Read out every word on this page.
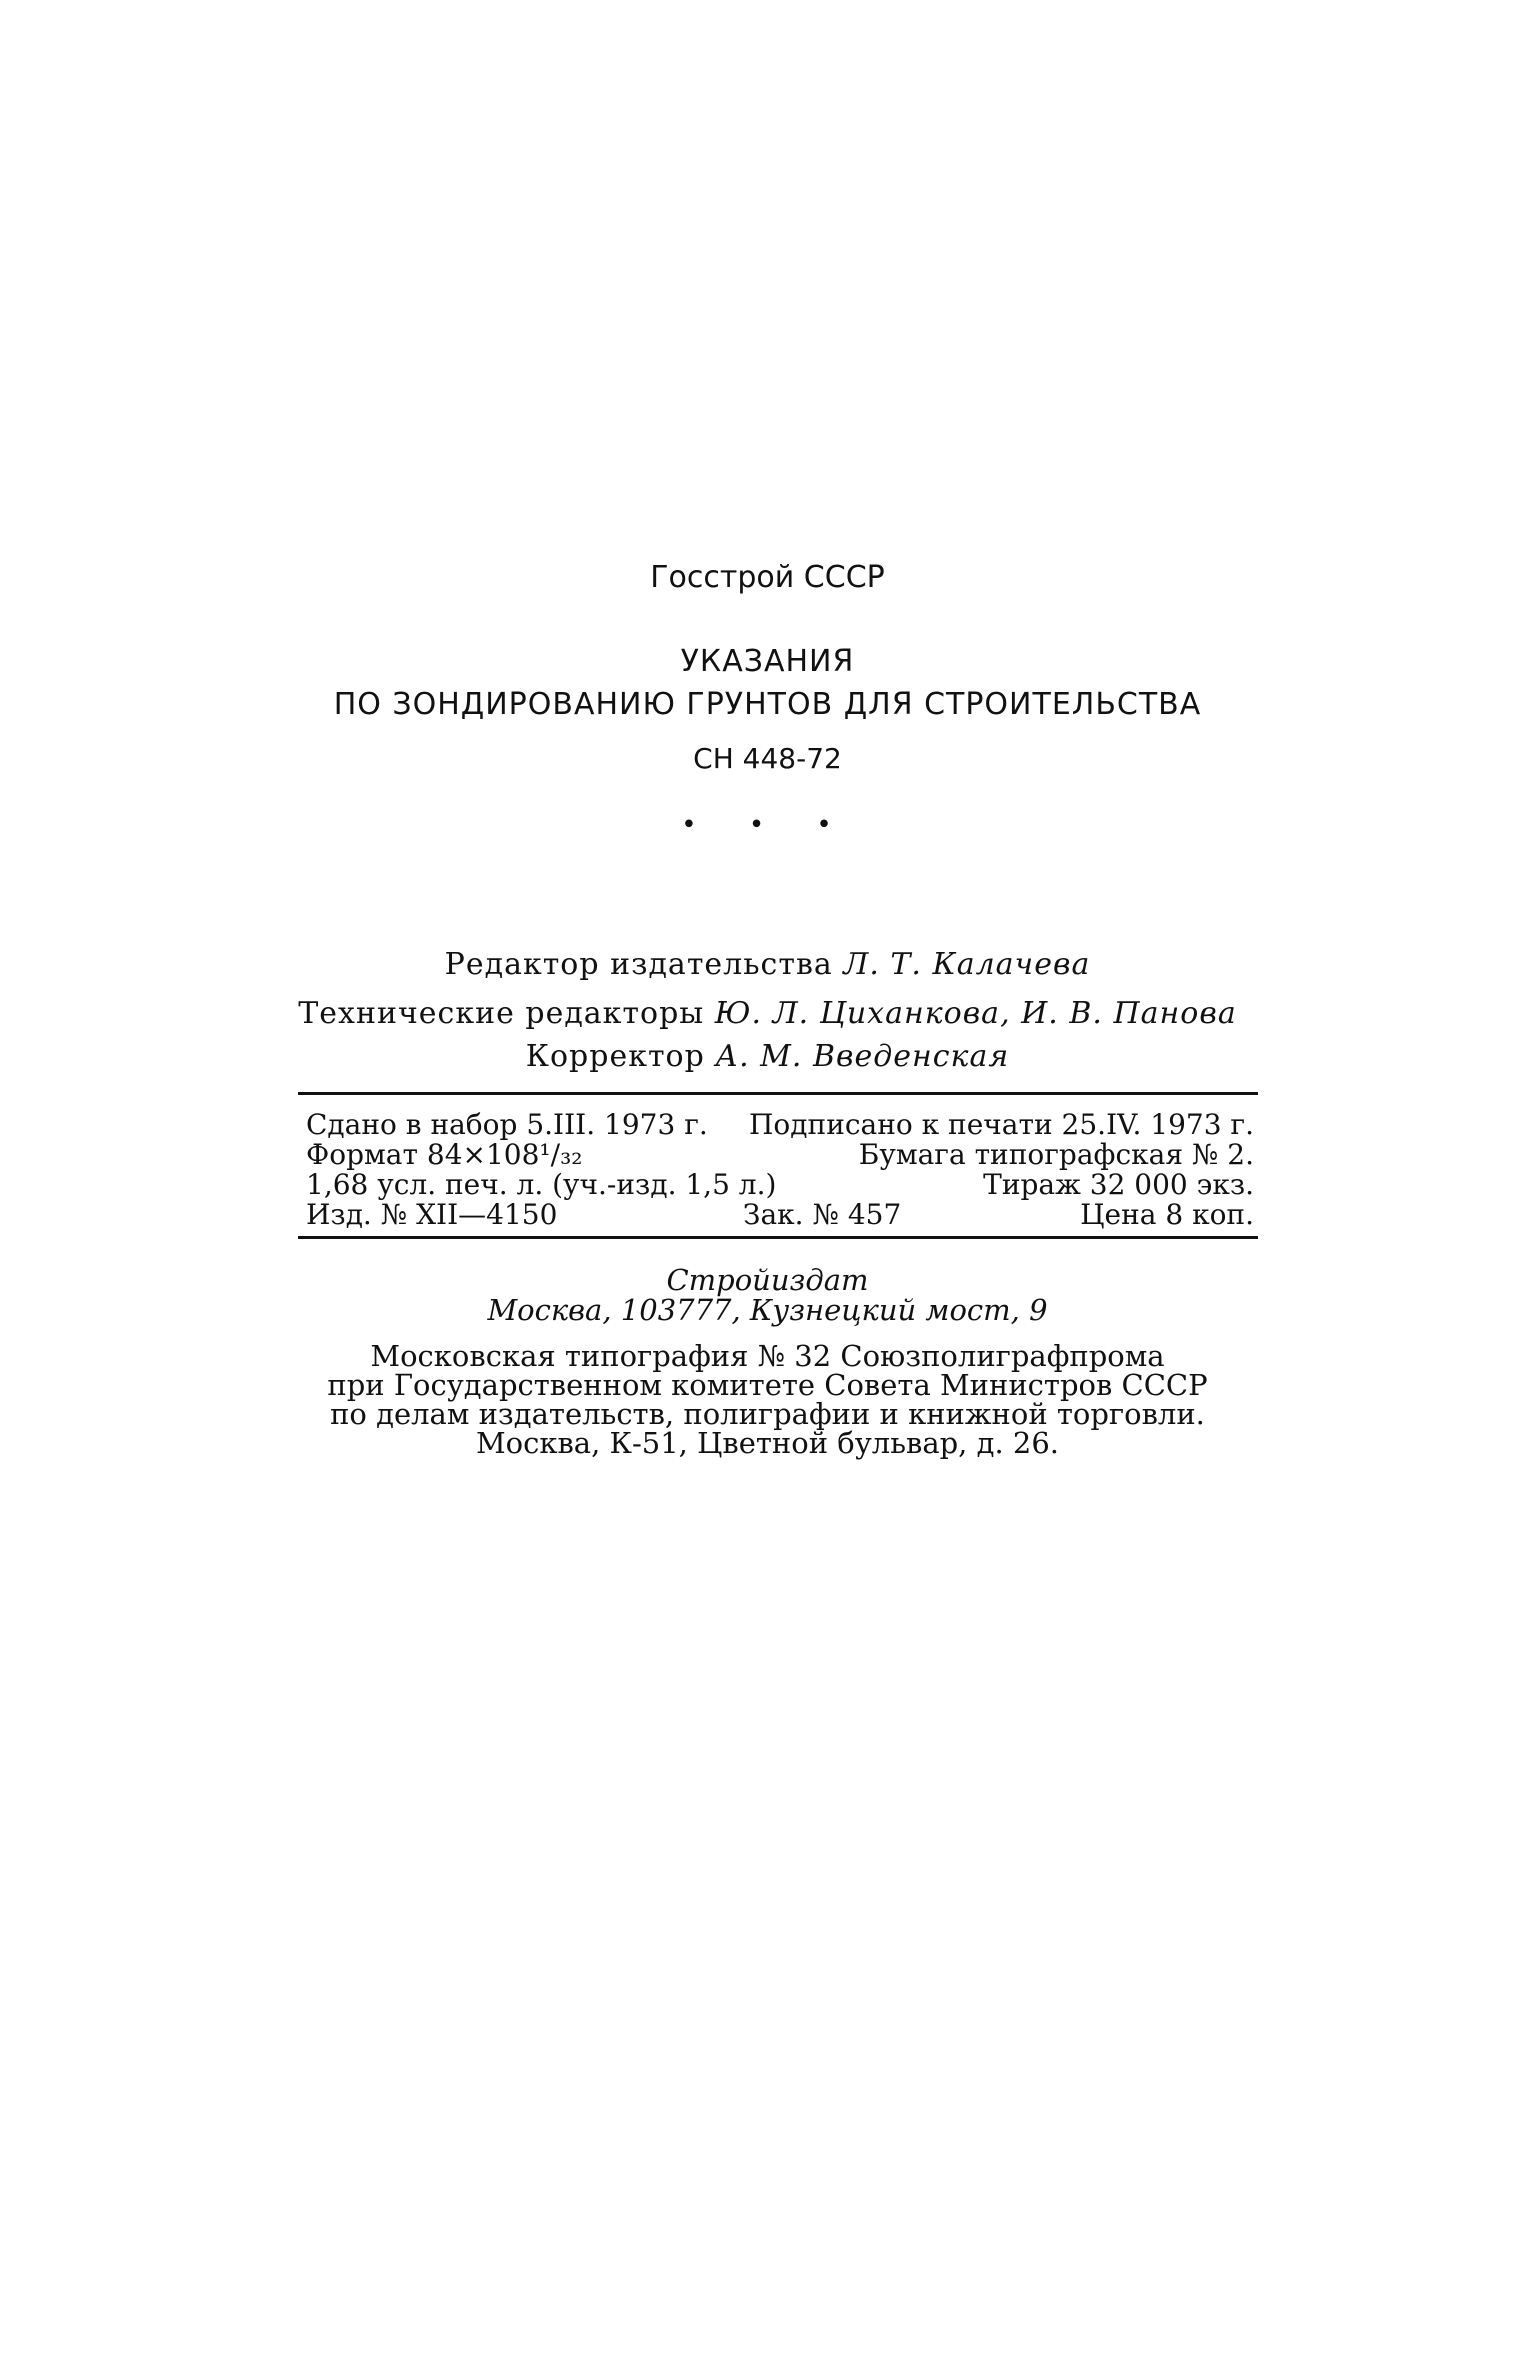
Госстрой СССР
УКАЗАНИЯ
ПО ЗОНДИРОВАНИЮ ГРУНТОВ ДЛЯ СТРОИТЕЛЬСТВА
СН 448-72
• • •
Редактор издательства Л. Т. Калачева
Технические редакторы Ю. Л. Циханкова, И. В. Панова
Корректор А. М. Введенская
Сдано в набор 5.III. 1973 г. Подписано к печати 25.IV. 1973 г.
Формат 84×108¹/₃₂	Бумага типографская № 2.
1,68 усл. печ. л. (уч.-изд. 1,5 л.)	Тираж 32 000 экз.
Изд. № XII—4150	Зак. № 457	Цена 8 коп.
Стройиздат
Москва, 103777, Кузнецкий мост, 9
Московская типография № 32 Союзполиграфпрома
при Государственном комитете Совета Министров СССР
по делам издательств, полиграфии и книжной торговли.
Москва, К-51, Цветной бульвар, д. 26.
